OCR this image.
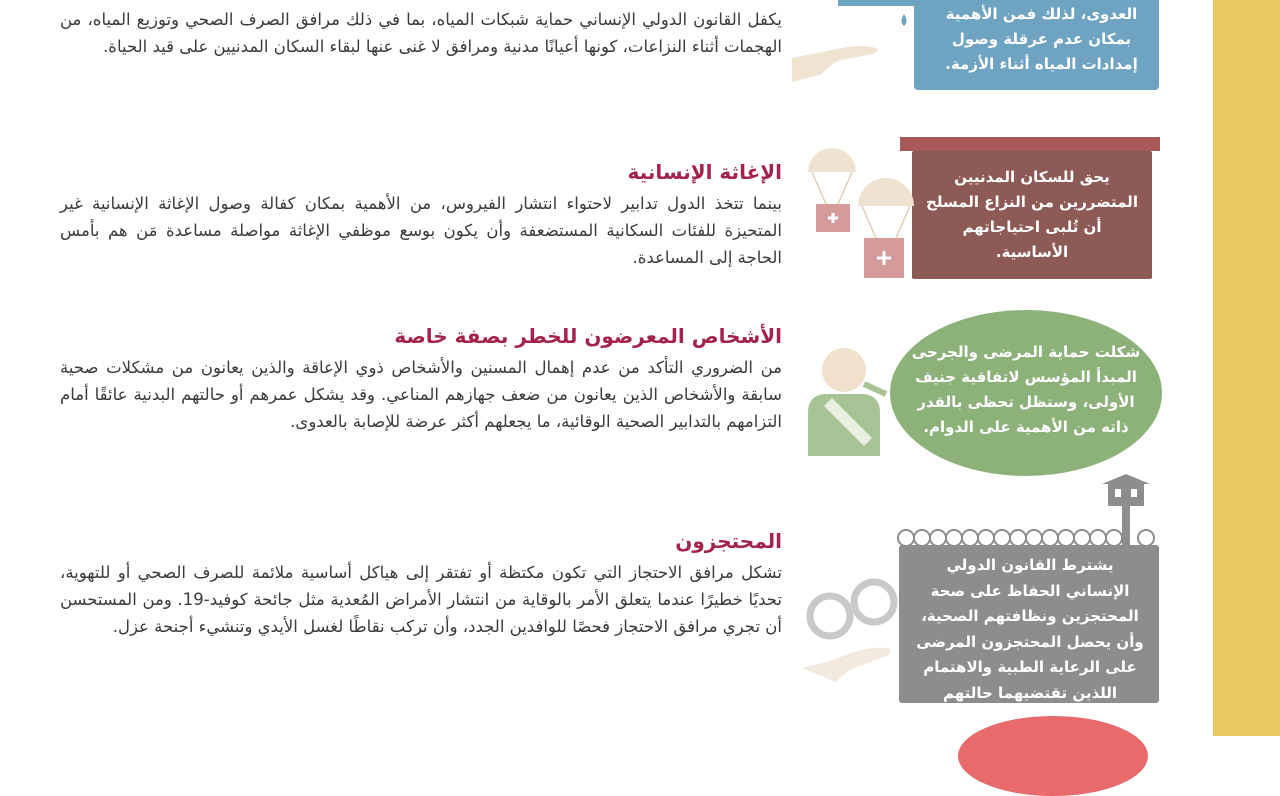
يكفل القانون الدولي الإنساني حماية شبكات المياه، بما في ذلك مرافق الصرف الصحي وتوزيع المياه، من الهجمات أثناء النزاعات، كونها أعيانًا مدنية ومرافق لا غنى عنها لبقاء السكان المدنيين على قيد الحياة.

الإغاثة الإنسانية

بينما تتخذ الدول تدابير لاحتواء انتشار الفيروس، من الأهمية بمكان كفالة وصول الإغاثة الإنسانية غير المتحيزة للفئات السكانية المستضعفة وأن يكون بوسع موظفي الإغاثة مواصلة مساعدة مَن هم بأمس الحاجة إلى المساعدة.

الأشخاص المعرضون للخطر بصفة خاصة

من الضروري التأكد من عدم إهمال المسنين والأشخاص ذوي الإعاقة والذين يعانون من مشكلات صحية سابقة والأشخاص الذين يعانون من ضعف جهازهم المناعي. وقد يشكل عمرهم أو حالتهم البدنية عائقًا أمام التزامهم بالتدابير الصحية الوقائية، ما يجعلهم أكثر عرضة للإصابة بالعدوى.

المحتجزون

تشكل مرافق الاحتجاز التي تكون مكتظة أو تفتقر إلى هياكل أساسية ملائمة للصرف الصحي أو للتهوية، تحديًا خطيرًا عندما يتعلق الأمر بالوقاية من انتشار الأمراض المُعدية مثل جائحة كوفيد-19. ومن المستحسن أن تجري مرافق الاحتجاز فحصًا للوافدين الجدد، وأن تركب نقاطًا لغسل الأيدي وتنشيء أجنحة عزل.

العدوى، لذلك فمن الأهمية بمكان عدم عرقلة وصول إمدادات المياه أثناء الأزمة.
يحق للسكان المدنيين المتضررين من النزاع المسلح أن تُلبى احتياجاتهم الأساسية.
شكلت حماية المرضى والجرحى المبدأ المؤسس لاتفاقية جنيف الأولى، وستظل تحظى بالقدر ذاته من الأهمية على الدوام.
يشترط القانون الدولي الإنساني الحفاظ على صحة المحتجزين ونظافتهم الصحية، وأن يحصل المحتجزون المرضى على الرعاية الطبية والاهتمام اللذين تقتضيهما حالتهم
